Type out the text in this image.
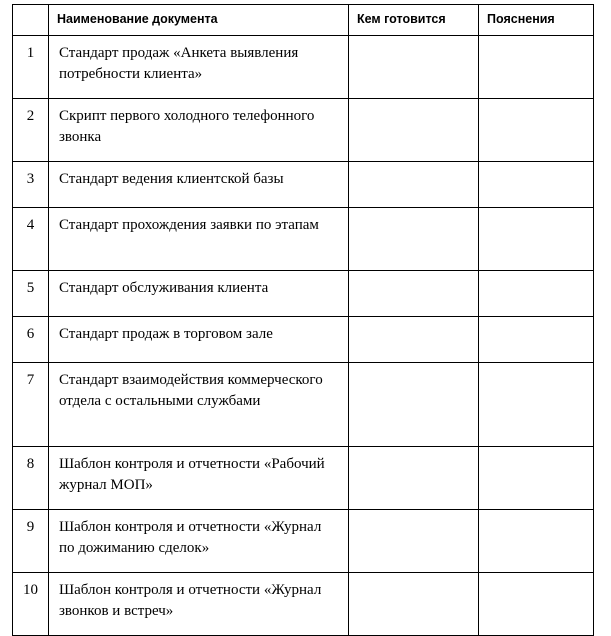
	Наименование документа	Кем готовится	Пояснения
1	Стандарт продаж «Анкета выявления потребности клиента»		
2	Скрипт первого холодного телефонного звонка		
3	Стандарт ведения клиентской базы		
4	Стандарт прохождения заявки по этапам		
5	Стандарт обслуживания клиента		
6	Стандарт продаж в торговом зале		
7	Стандарт взаимодействия коммерческого отдела с остальными службами		
8	Шаблон контроля и отчетности «Рабочий журнал МОП»		
9	Шаблон контроля и отчетности «Журнал по дожиманию сделок»		
10	Шаблон контроля и отчетности «Журнал звонков и встреч»		
